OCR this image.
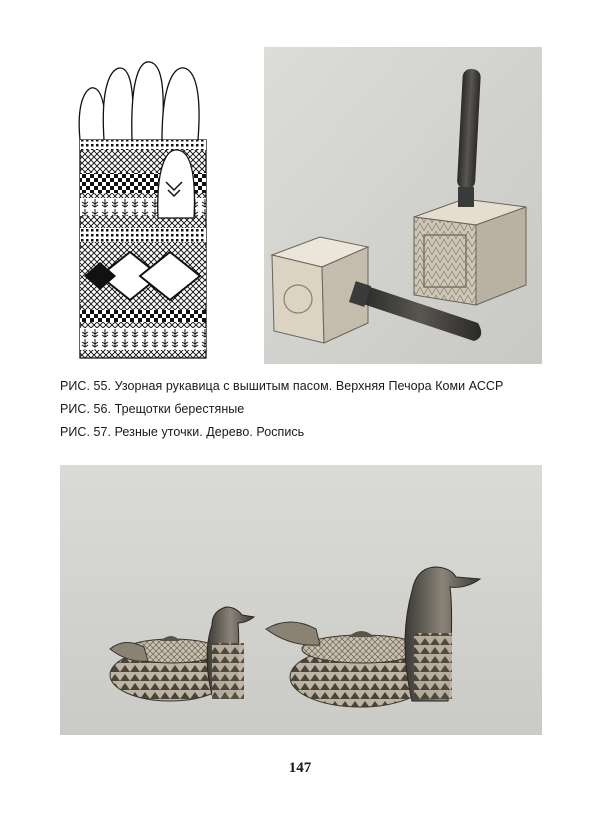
РИС. 55. Узорная рукавица с вышитым пасом. Верхняя Печора Коми АССР

РИС. 56. Трещотки берестяные

РИС. 57. Резные уточки. Дерево. Роспись

147
